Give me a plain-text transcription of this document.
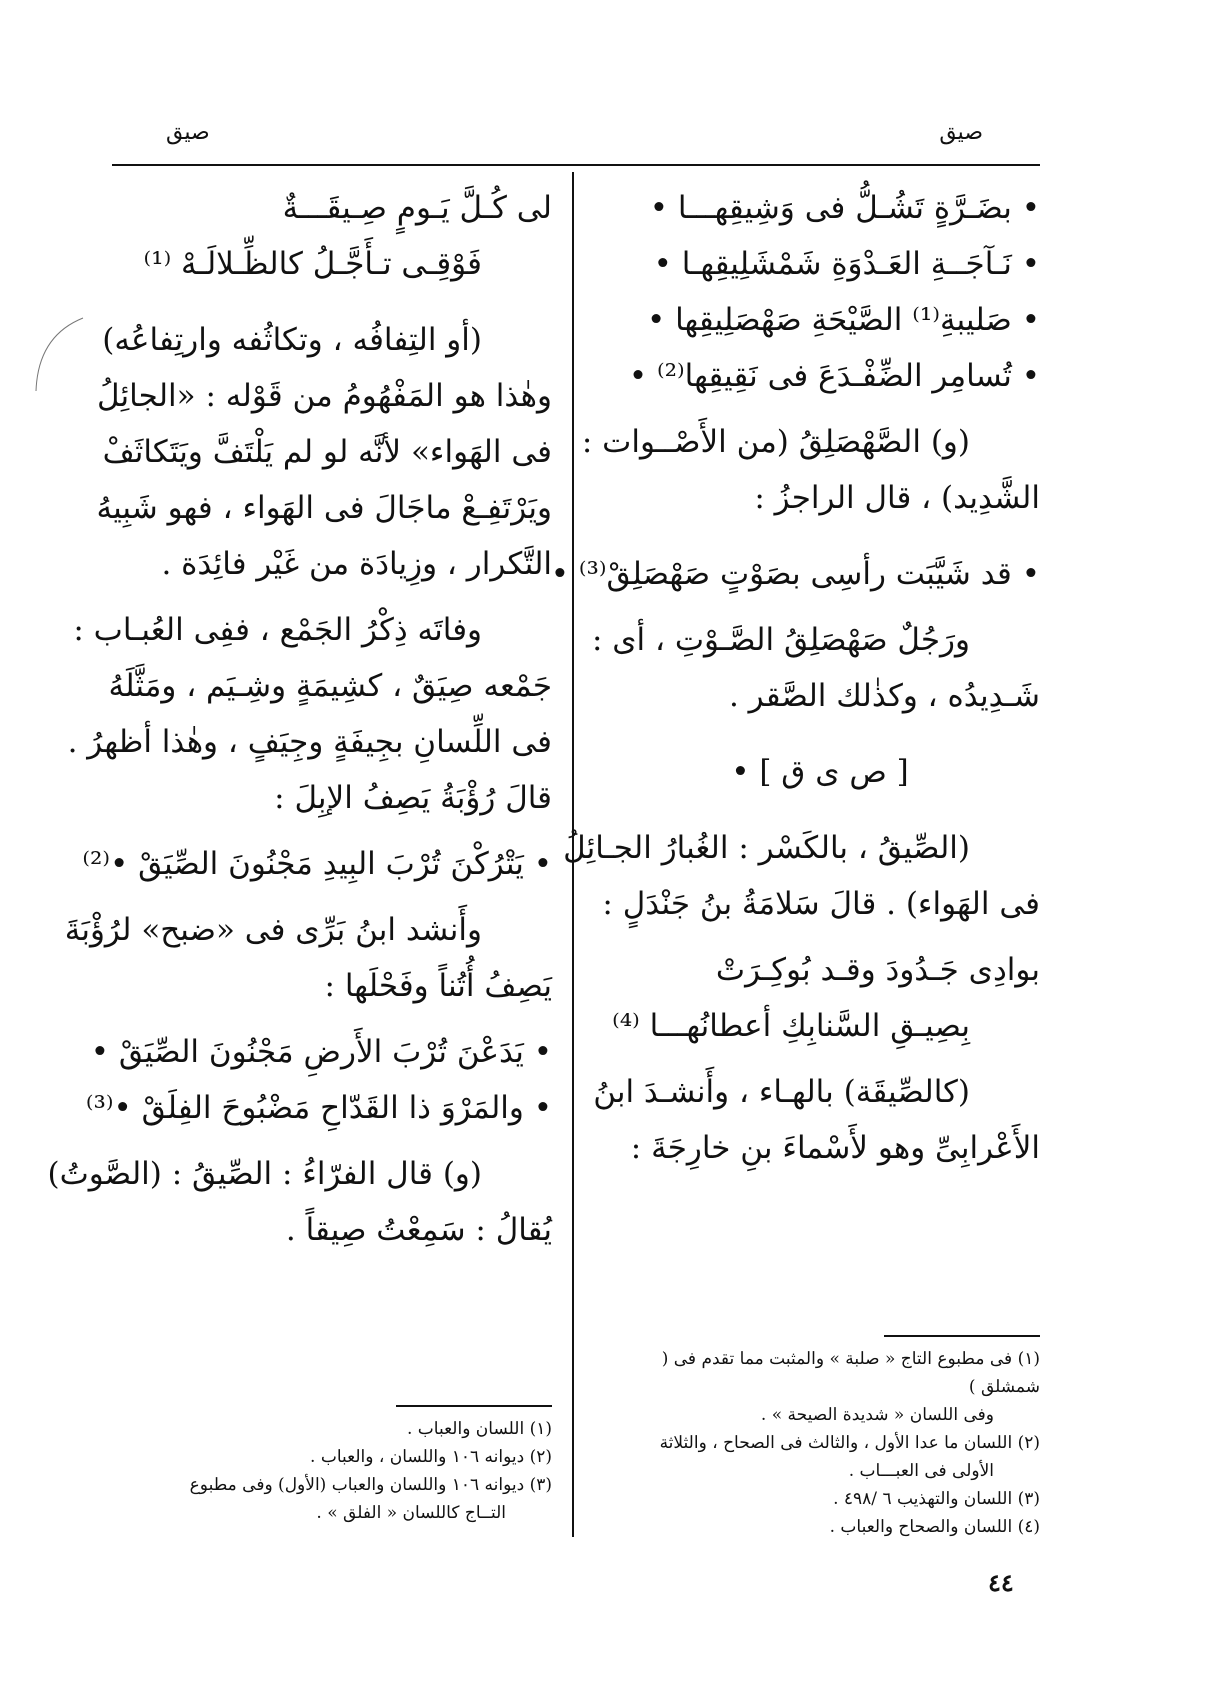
صيق
صيق
• بضَـرَّةٍ تَشُـلُّ فى وَشِيقِهـــا •
• نَـآجَــةِ العَـدْوَةِ شَمْشَلِيقِهـا •
• صَليبةِ⁽¹⁾ الصَّيْحَةِ صَهْصَلِيقِها •
• تُسامِر الضِّفْـدَعَ فى نَقِيقِها⁽²⁾ •
(و) الصَّهْصَلِقُ (من الأَصْــوات :
الشَّدِيد) ، قال الراجزُ :
• قد شَيَّبَت رأسِى بصَوْتٍ صَهْصَلِقْ⁽³⁾ •
ورَجُلٌ صَهْصَلِقُ الصَّـوْتِ ، أى :
شَـدِيدُه ، وكذٰلك الصَّقر .
[ ص ى ق ] •
(الصِّيقُ ، بالكَسْر : الغُبارُ الجـائِلُ
فى الهَواء) . قالَ سَلامَةُ بنُ جَنْدَلٍ :
بوادِى جَـدُودَ وقـد بُوكِـرَتْ
بِصِيـقِ السَّنابِكِ أعطانُهـــا ⁽⁴⁾
(كالصِّيقَة) بالهـاء ، وأَنشـدَ ابنُ
الأَعْرابِىِّ وهو لأَسْماءَ بنِ خارِجَةَ :
لى كُـلَّ يَـومٍ صِـيقَـــةٌ
فَوْقِـى تـأَجَّـلُ كالظِّـلالَـهْ ⁽¹⁾
(أو التِفافُه ، وتكاثُفه وارتِفاعُه)
وهٰذا هو المَفْهُومُ من قَوْله : «الجائِلُ
فى الهَواء» لأنَّه لو لم يَلْتَفَّ ويَتَكاثَفْ
ويَرْتَفِـعْ ماجَالَ فى الهَواء ، فهو شَبِيهُ
التَّكرار ، وزِيادَة من غَيْر فائِدَة .
وفاتَه ذِكْرُ الجَمْع ، ففِى العُبـاب :
جَمْعه صِيَقٌ ، كشِيمَةٍ وشِـيَم ، ومَثَّلَهُ
فى اللِّسانِ بجِيفَةٍ وجِيَفٍ ، وهٰذا أظهرُ .
قالَ رُؤْبَةُ يَصِفُ الإبِلَ :
• يَتْرُكْنَ تُرْبَ البِيدِ مَجْنُونَ الصِّيَقْ •⁽²⁾
وأَنشد ابنُ بَرِّى فى «ضبح» لرُؤْبَةَ
يَصِفُ أُتُناً وفَحْلَها :
• يَدَعْنَ تُرْبَ الأَرضِ مَجْنُونَ الصِّيَقْ •
• والمَرْوَ ذا القَدّاحِ مَضْبُوحَ الفِلَقْ •⁽³⁾
(و) قال الفرّاءُ : الصِّيقُ : (الصَّوتُ)
يُقالُ : سَمِعْتُ صِيقاً .
(١) فى مطبوع التاج « صلبة » والمثبت مما تقدم فى ( شمشلق )
وفى اللسان « شديدة الصيحة » .
(٢) اللسان ما عدا الأول ، والثالث فى الصحاح ، والثلاثة
الأولى فى العبـــاب .
(٣) اللسان والتهذيب ٦ /٤٩٨ .
(٤) اللسان والصحاح والعباب .
(١) اللسان والعباب .
(٢) ديوانه ١٠٦ واللسان ، والعباب .
(٣) ديوانه ١٠٦ واللسان والعباب (الأول) وفى مطبوع
التــاج كاللسان « الفلق » .
٤٤
